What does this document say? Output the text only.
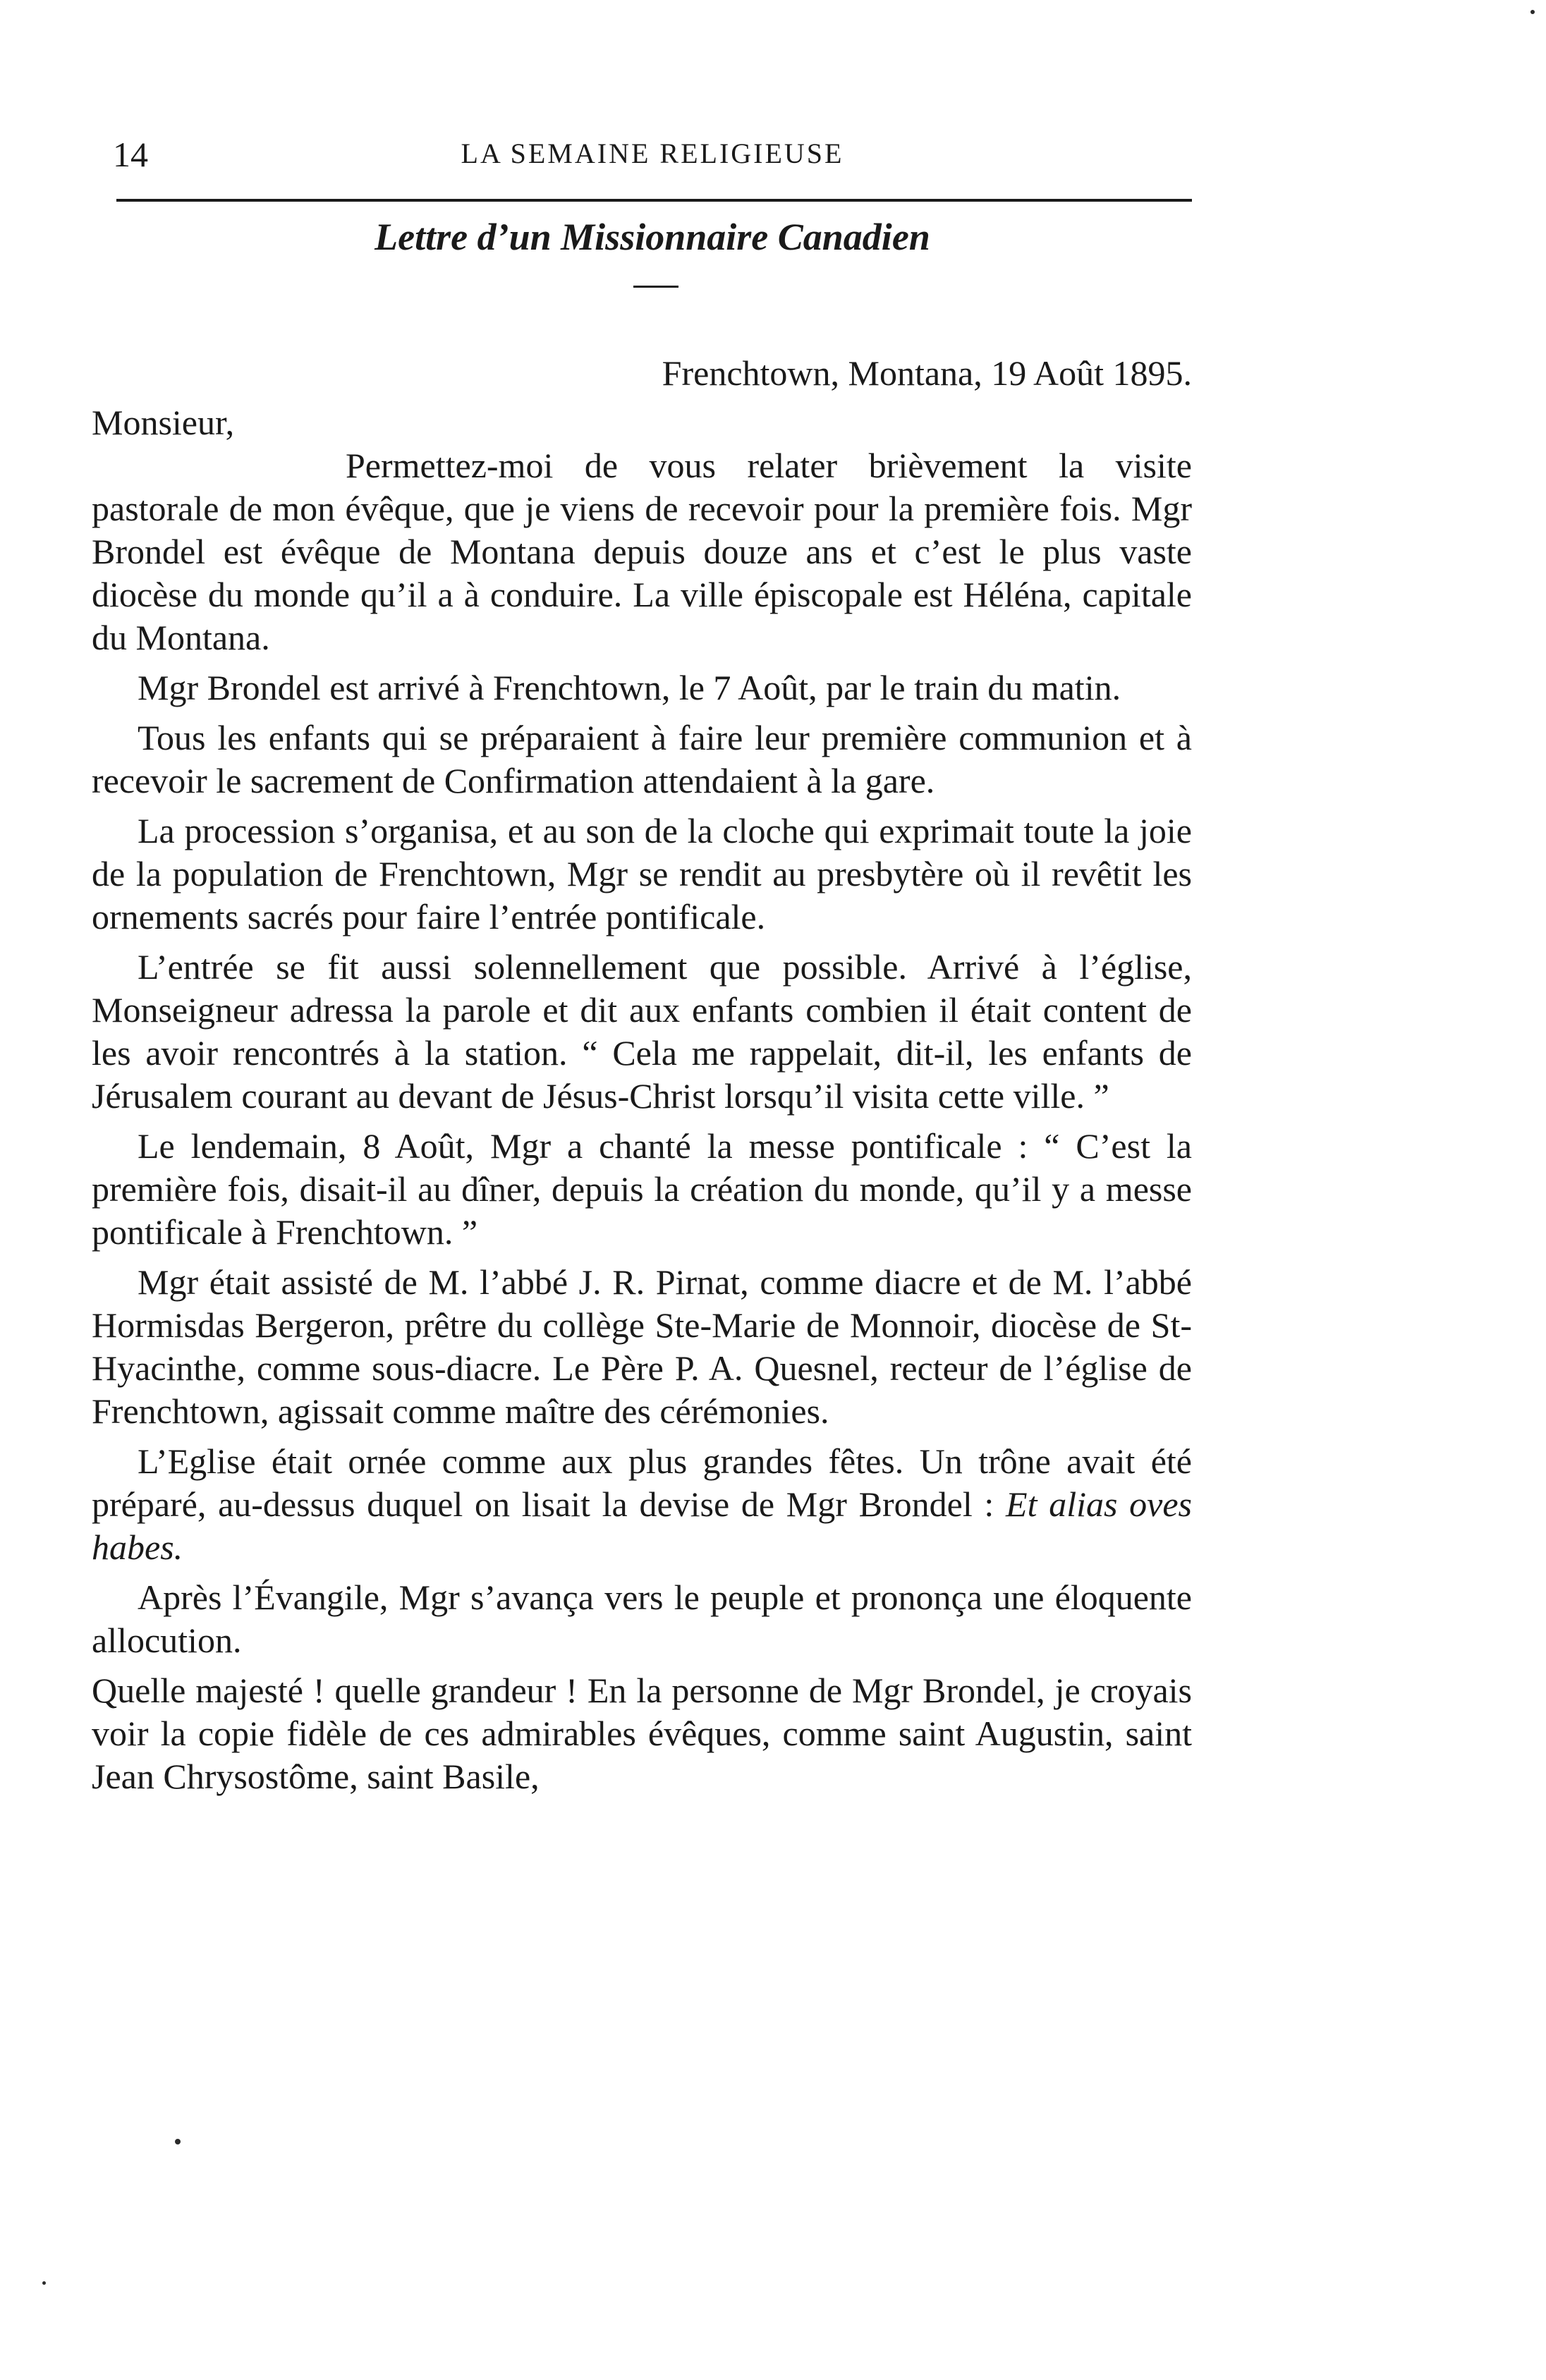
14	LA SEMAINE RELIGIEUSE
Lettre d’un Missionnaire Canadien
Frenchtown, Montana, 19 Août 1895.
Monsieur,

Permettez-moi de vous relater brièvement la visite pastorale de mon évêque, que je viens de recevoir pour la première fois. Mgr Brondel est évêque de Montana depuis douze ans et c’est le plus vaste diocèse du monde qu’il a à conduire. La ville épiscopale est Héléna, capitale du Montana.

Mgr Brondel est arrivé à Frenchtown, le 7 Août, par le train du matin.

Tous les enfants qui se préparaient à faire leur première communion et à recevoir le sacrement de Confirmation attendaient à la gare.

La procession s’organisa, et au son de la cloche qui exprimait toute la joie de la population de Frenchtown, Mgr se rendit au presbytère où il revêtit les ornements sacrés pour faire l’entrée pontificale.

L’entrée se fit aussi solennellement que possible. Arrivé à l’église, Monseigneur adressa la parole et dit aux enfants combien il était content de les avoir rencontrés à la station. “ Cela me rappelait, dit-il, les enfants de Jérusalem courant au devant de Jésus-Christ lorsqu’il visita cette ville. ”

Le lendemain, 8 Août, Mgr a chanté la messe pontificale : “ C’est la première fois, disait-il au dîner, depuis la création du monde, qu’il y a messe pontificale à Frenchtown. ”

Mgr était assisté de M. l’abbé J. R. Pirnat, comme diacre et de M. l’abbé Hormisdas Bergeron, prêtre du collège Ste-Marie de Monnoir, diocèse de St-Hyacinthe, comme sous-diacre. Le Père P. A. Quesnel, recteur de l’église de Frenchtown, agissait comme maître des cérémonies.

L’Eglise était ornée comme aux plus grandes fêtes. Un trône avait été préparé, au-dessus duquel on lisait la devise de Mgr Brondel : Et alias oves habes.

Après l’Évangile, Mgr s’avança vers le peuple et prononça une éloquente allocution.

Quelle majesté ! quelle grandeur ! En la personne de Mgr Brondel, je croyais voir la copie fidèle de ces admirables évêques, comme saint Augustin, saint Jean Chrysostôme, saint Basile,
